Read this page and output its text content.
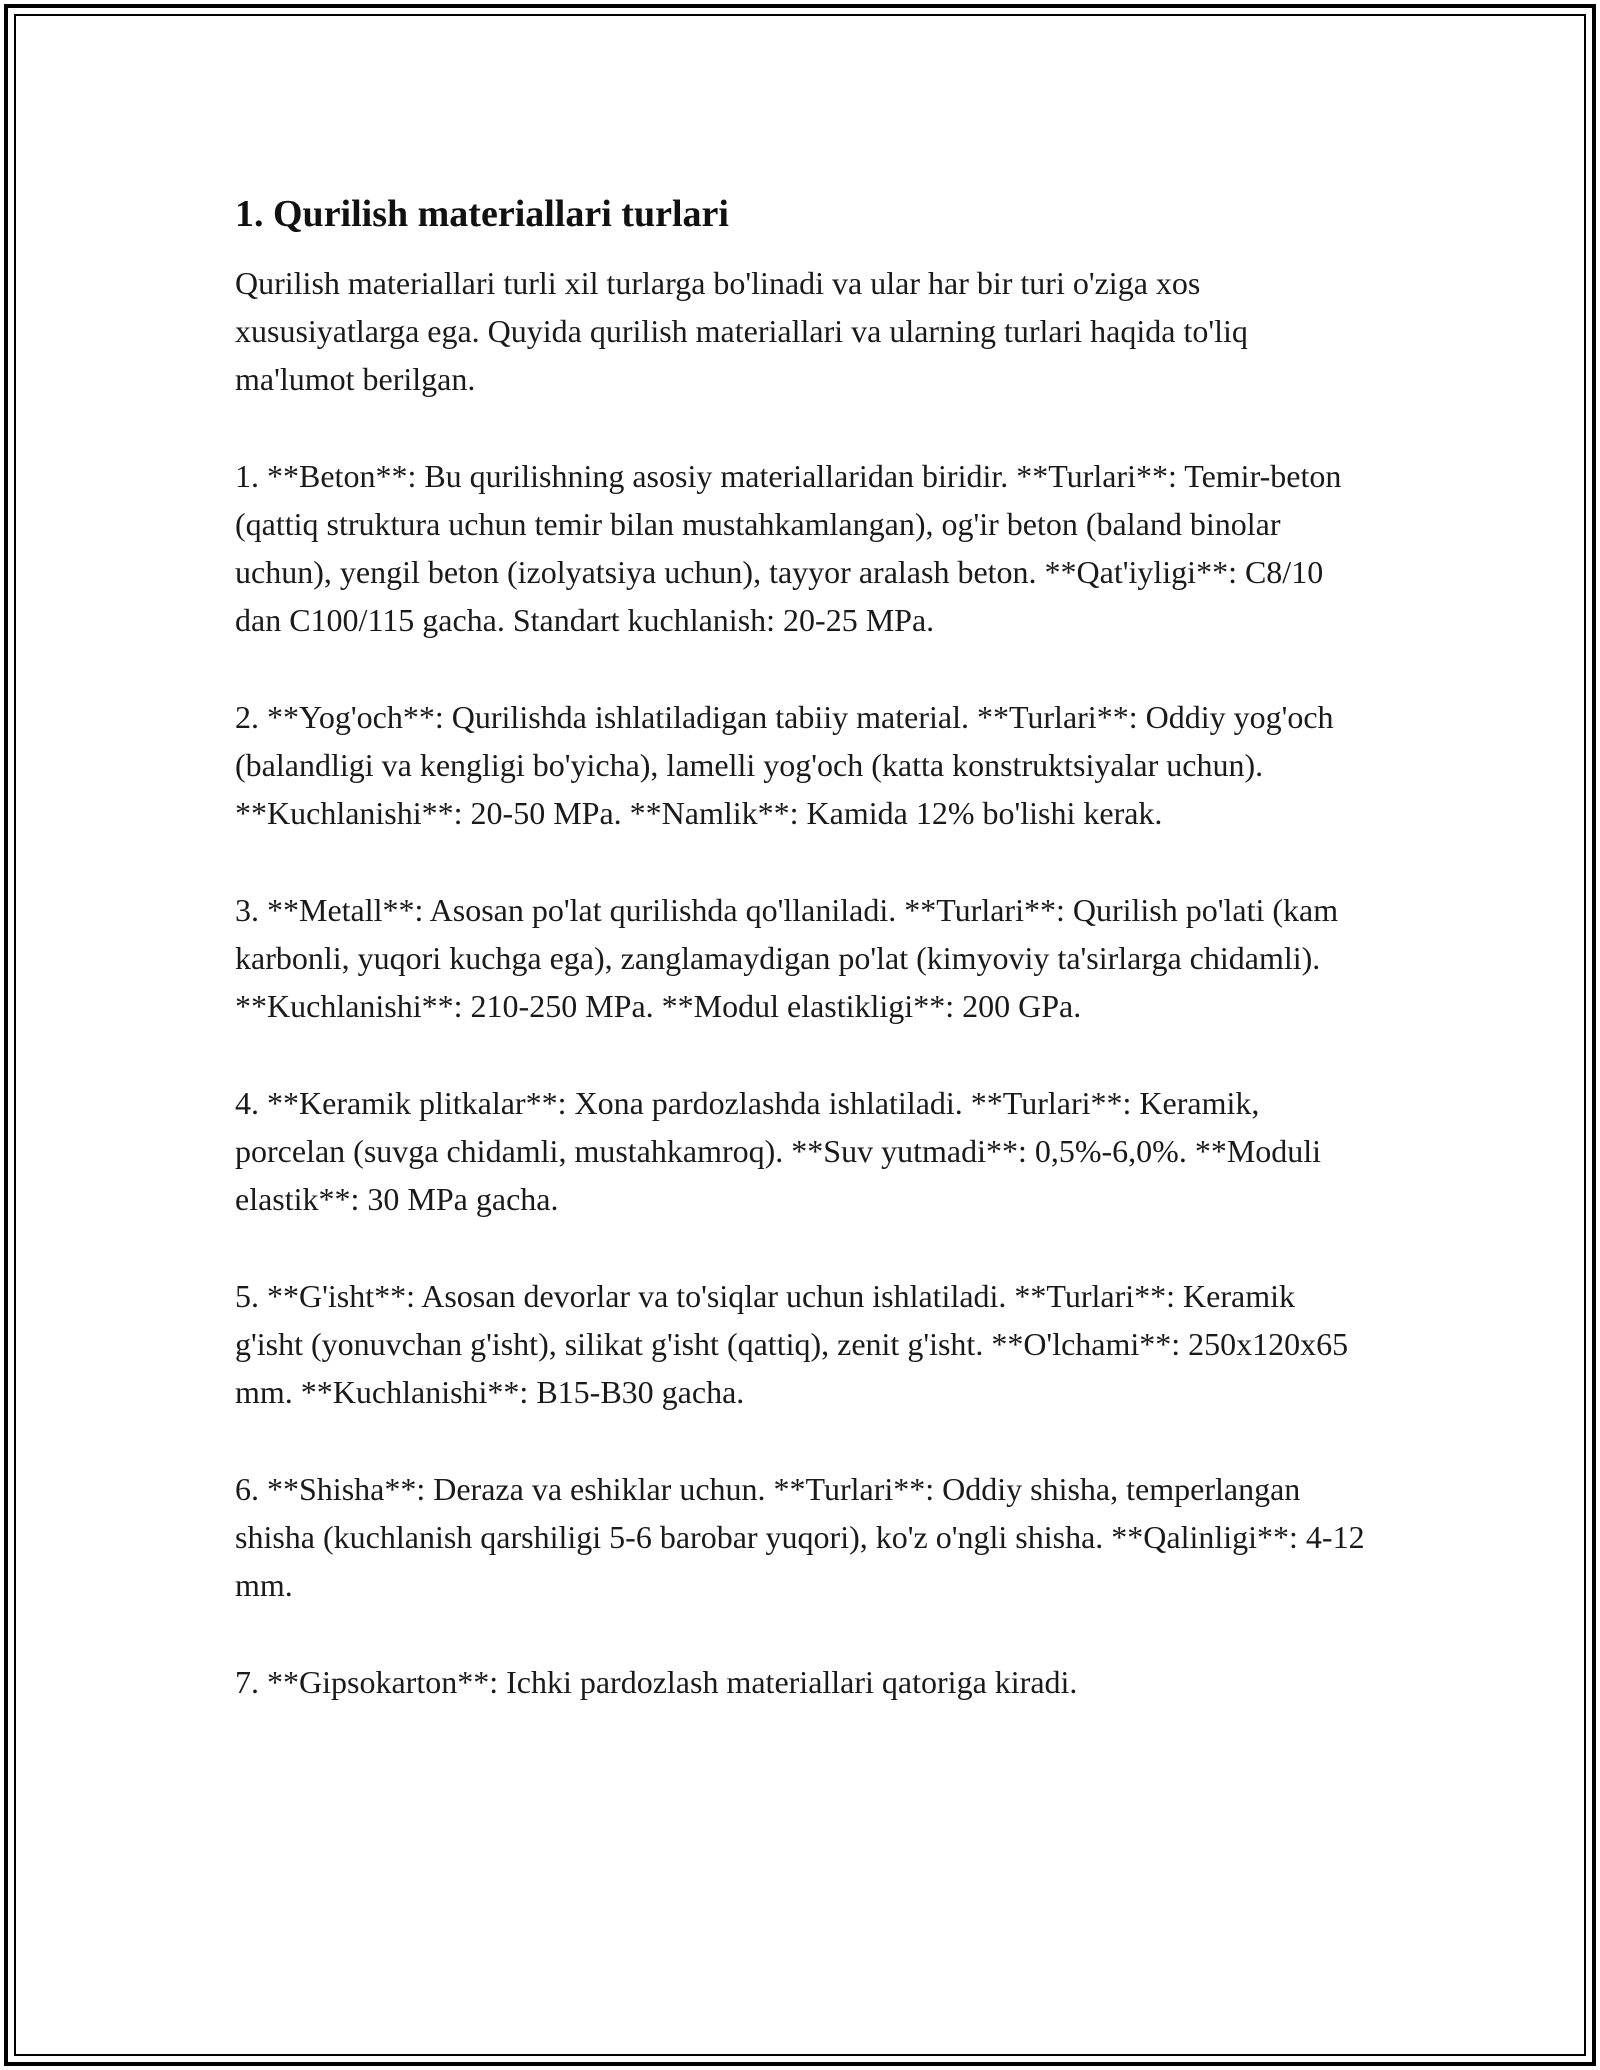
1. Qurilish materiallari turlari

Qurilish materiallari turli xil turlarga bo'linadi va ular har bir turi o'ziga xos xususiyatlarga ega. Quyida qurilish materiallari va ularning turlari haqida to'liq ma'lumot berilgan.

1. **Beton**: Bu qurilishning asosiy materiallaridan biridir. **Turlari**: Temir-beton (qattiq struktura uchun temir bilan mustahkamlangan), og'ir beton (baland binolar uchun), yengil beton (izolyatsiya uchun), tayyor aralash beton. **Qat'iyligi**: C8/10 dan C100/115 gacha. Standart kuchlanish: 20-25 MPa.

2. **Yog'och**: Qurilishda ishlatiladigan tabiiy material. **Turlari**: Oddiy yog'och (balandligi va kengligi bo'yicha), lamelli yog'och (katta konstruktsiyalar uchun). **Kuchlanishi**: 20-50 MPa. **Namlik**: Kamida 12% bo'lishi kerak.

3. **Metall**: Asosan po'lat qurilishda qo'llaniladi. **Turlari**: Qurilish po'lati (kam karbonli, yuqori kuchga ega), zanglamaydigan po'lat (kimyoviy ta'sirlarga chidamli). **Kuchlanishi**: 210-250 MPa. **Modul elastikligi**: 200 GPa.

4. **Keramik plitkalar**: Xona pardozlashda ishlatiladi. **Turlari**: Keramik, porcelan (suvga chidamli, mustahkamroq). **Suv yutmadi**: 0,5%-6,0%. **Moduli elastik**: 30 MPa gacha.

5. **G'isht**: Asosan devorlar va to'siqlar uchun ishlatiladi. **Turlari**: Keramik g'isht (yonuvchan g'isht), silikat g'isht (qattiq), zenit g'isht. **O'lchami**: 250x120x65 mm. **Kuchlanishi**: B15-B30 gacha.

6. **Shisha**: Deraza va eshiklar uchun. **Turlari**: Oddiy shisha, temperlangan shisha (kuchlanish qarshiligi 5-6 barobar yuqori), ko'z o'ngli shisha. **Qalinligi**: 4-12 mm.

7. **Gipsokarton**: Ichki pardozlash materiallari qatoriga kiradi.
